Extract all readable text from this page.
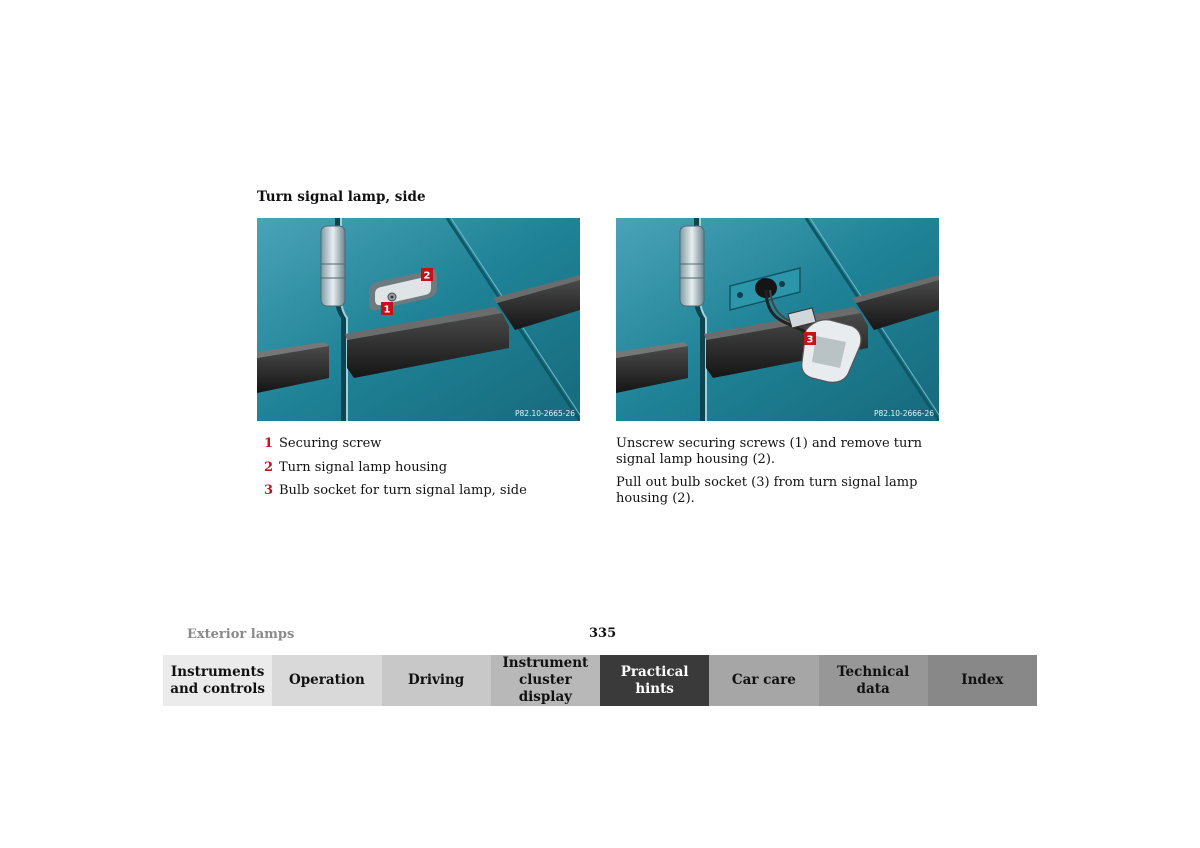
Turn signal lamp, side
2
1
P82.10-2665-26
3
P82.10-2666-26
1 Securing screw
2 Turn signal lamp housing
3 Bulb socket for turn signal lamp, side

Unscrew securing screws (1) and remove turn signal lamp housing (2).

Pull out bulb socket (3) from turn signal lamp housing (2).

Exterior lamps	335
Instruments
and controls
Operation	Driving
Instrument
cluster display
Practical hints
Car care
Technical
data
Index
